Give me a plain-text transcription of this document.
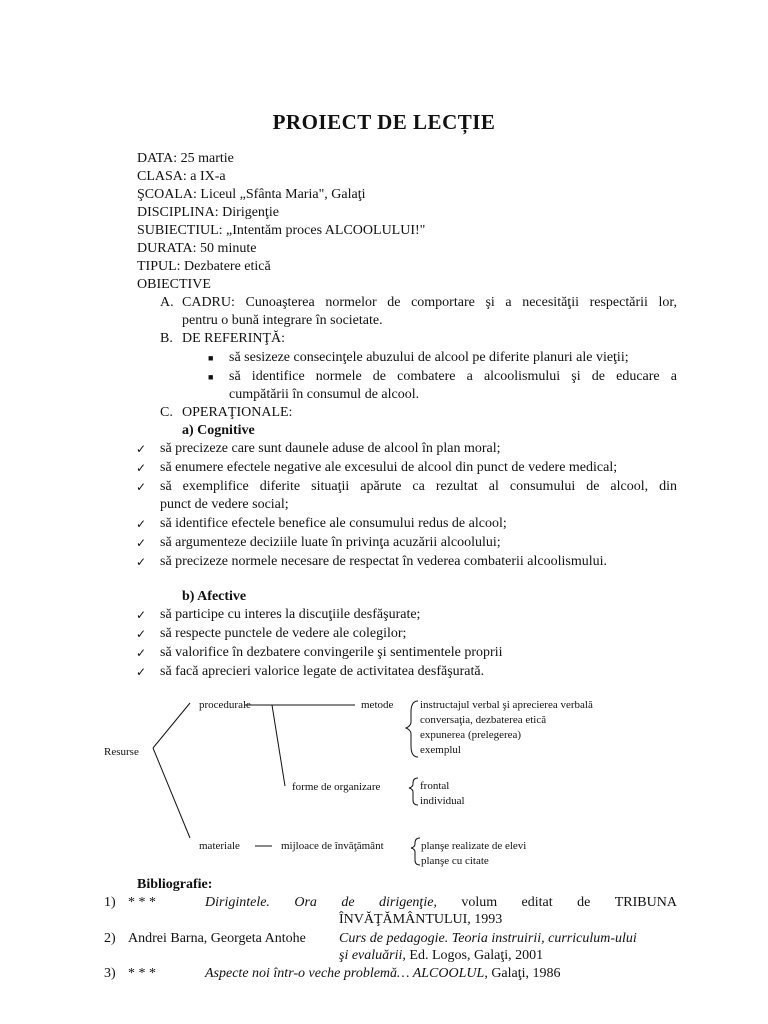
PROIECT DE LECȚIE
DATA: 25 martie
CLASA: a IX-a
ŞCOALA: Liceul „Sfânta Maria", Galaţi
DISCIPLINA: Dirigenţie
SUBIECTIUL: „Intentăm proces ALCOOLULUI!"
DURATA: 50 minute
TIPUL: Dezbatere etică
OBIECTIVE
A. CADRU: Cunoaşterea normelor de comportare şi a necesităţii respectării lor,
pentru o bună integrare în societate.
B. DE REFERINŢĂ:
■ să sesizeze consecinţele abuzului de alcool pe diferite planuri ale vieţii;
■ să identifice normele de combatere a alcoolismului şi de educare a
cumpătării în consumul de alcool.
C. OPERAŢIONALE:
a) Cognitive
✓ să precizeze care sunt daunele aduse de alcool în plan moral;
✓ să enumere efectele negative ale excesului de alcool din punct de vedere medical;
✓ să exemplifice diferite situaţii apărute ca rezultat al consumului de alcool, din
punct de vedere social;
✓ să identifice efectele benefice ale consumului redus de alcool;
✓ să argumenteze deciziile luate în privinţa acuzării alcoolului;
✓ să precizeze normele necesare de respectat în vederea combaterii alcoolismului.
b) Afective
✓ să participe cu interes la discuţiile desfăşurate;
✓ să respecte punctele de vedere ale colegilor;
✓ să valorifice în dezbatere convingerile şi sentimentele proprii
✓ să facă aprecieri valorice legate de activitatea desfăşurată.
Resurse
procedurale	metode instructajul verbal şi aprecierea verbală
conversaţia, dezbaterea etică
expunerea (prelegerea)
exemplul
forme de organizare	frontal
individual
materiale	mijloace de învăţământ	planşe realizate de elevi
planşe cu citate
Bibliografie:
1) * * *	Dirigintele. Ora de dirigenţie, volum editat de TRIBUNA
ÎNVĂŢĂMÂNTULUI, 1993
2) Andrei Barna, Georgeta Antohe Curs de pedagogie. Teoria instruirii, curriculum-ului
şi evaluării, Ed. Logos, Galaţi, 2001
3) * * *	Aspecte noi într-o veche problemă… ALCOOLUL, Galaţi, 1986
